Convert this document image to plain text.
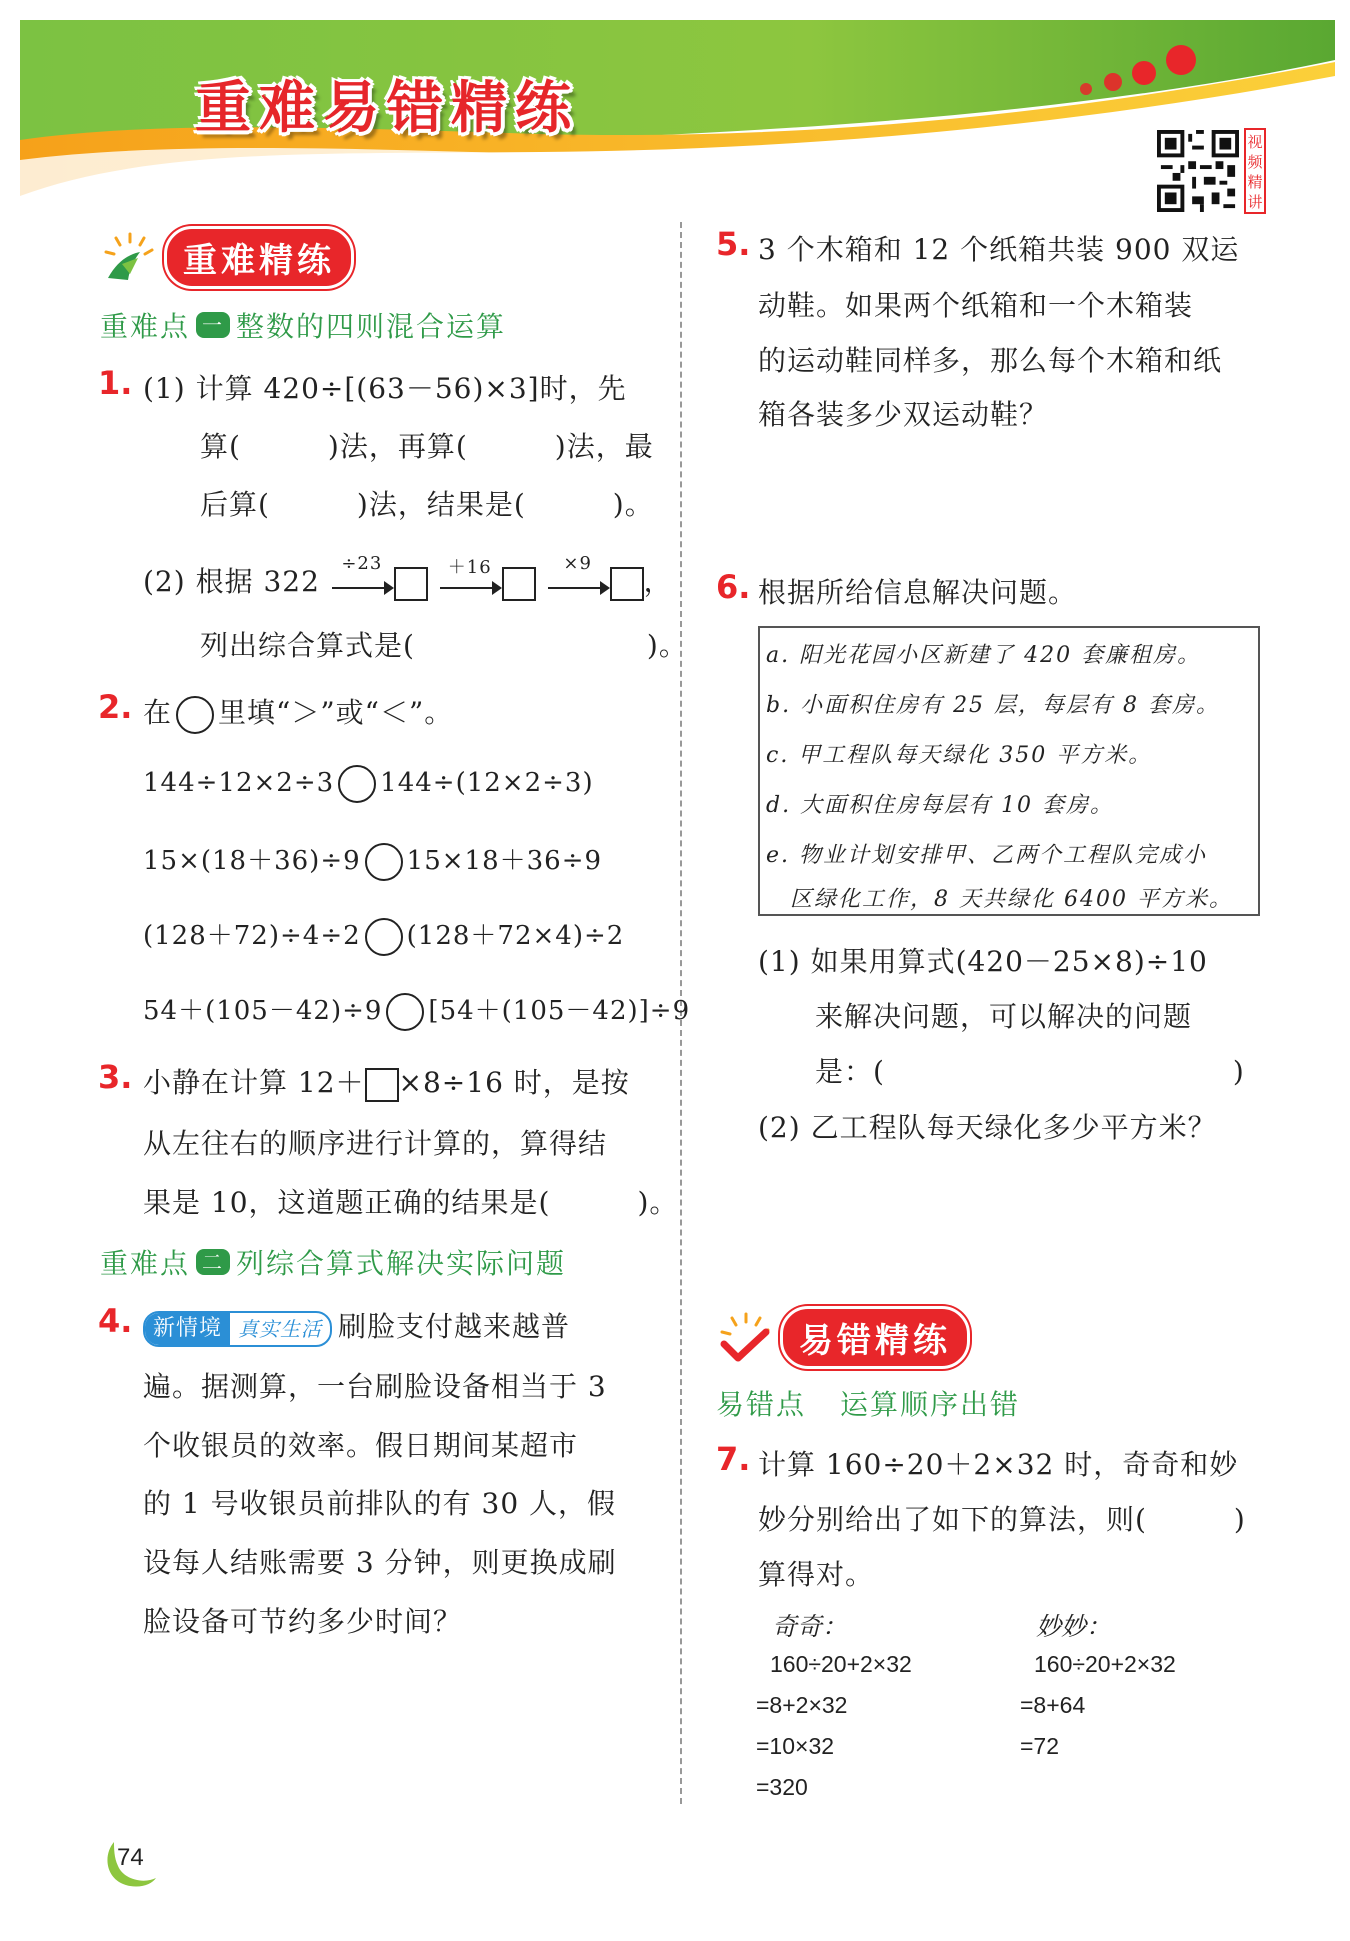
重难易错精练
视频精讲
重难精练
重难点 一 整数的四则混合运算
1. (1) 计算 420÷[(63－56)×3]时，先
算(　　　)法，再算(　　　)法，最
后算(　　　)法，结果是(　　　)。
(2) 根据 322
÷23
	＋16
	×9
，
列出综合算式是(　　　　　　　　)。
2. 在 里填“＞”或“＜”。
144÷12×2÷3 144÷(12×2÷3)
15×(18＋36)÷9 15×18＋36÷9
(128＋72)÷4÷2 (128＋72×4)÷2
54＋(105－42)÷9 [54＋(105－42)]÷9
3. 小静在计算 12＋ ×8÷16 时，是按
从左往右的顺序进行计算的，算得结
果是 10，这道题正确的结果是(　　　)。
重难点 二 列综合算式解决实际问题
4. 新情境 真实生活 刷脸支付越来越普
遍。据测算，一台刷脸设备相当于 3
个收银员的效率。假日期间某超市
的 1 号收银员前排队的有 30 人，假
设每人结账需要 3 分钟，则更换成刷
脸设备可节约多少时间？
5. 3 个木箱和 12 个纸箱共装 900 双运
动鞋。如果两个纸箱和一个木箱装
的运动鞋同样多，那么每个木箱和纸
箱各装多少双运动鞋？
6. 根据所给信息解决问题。
a. 阳光花园小区新建了 420 套廉租房。
b. 小面积住房有 25 层，每层有 8 套房。
c. 甲工程队每天绿化 350 平方米。
d. 大面积住房每层有 10 套房。
e. 物业计划安排甲、乙两个工程队完成小
　区绿化工作，8 天共绿化 6400 平方米。
(1) 如果用算式(420－25×8)÷10
来解决问题，可以解决的问题
是：(　　　　　　　　　　　　)
(2) 乙工程队每天绿化多少平方米？
易错精练
易错点 运算顺序出错
7. 计算 160÷20＋2×32 时，奇奇和妙
妙分别给出了如下的算法，则(　　　)
算得对。
奇奇：
160÷20+2×32
=8+2×32
=10×32
=320
妙妙：
160÷20+2×32
=8+64
=72
74
